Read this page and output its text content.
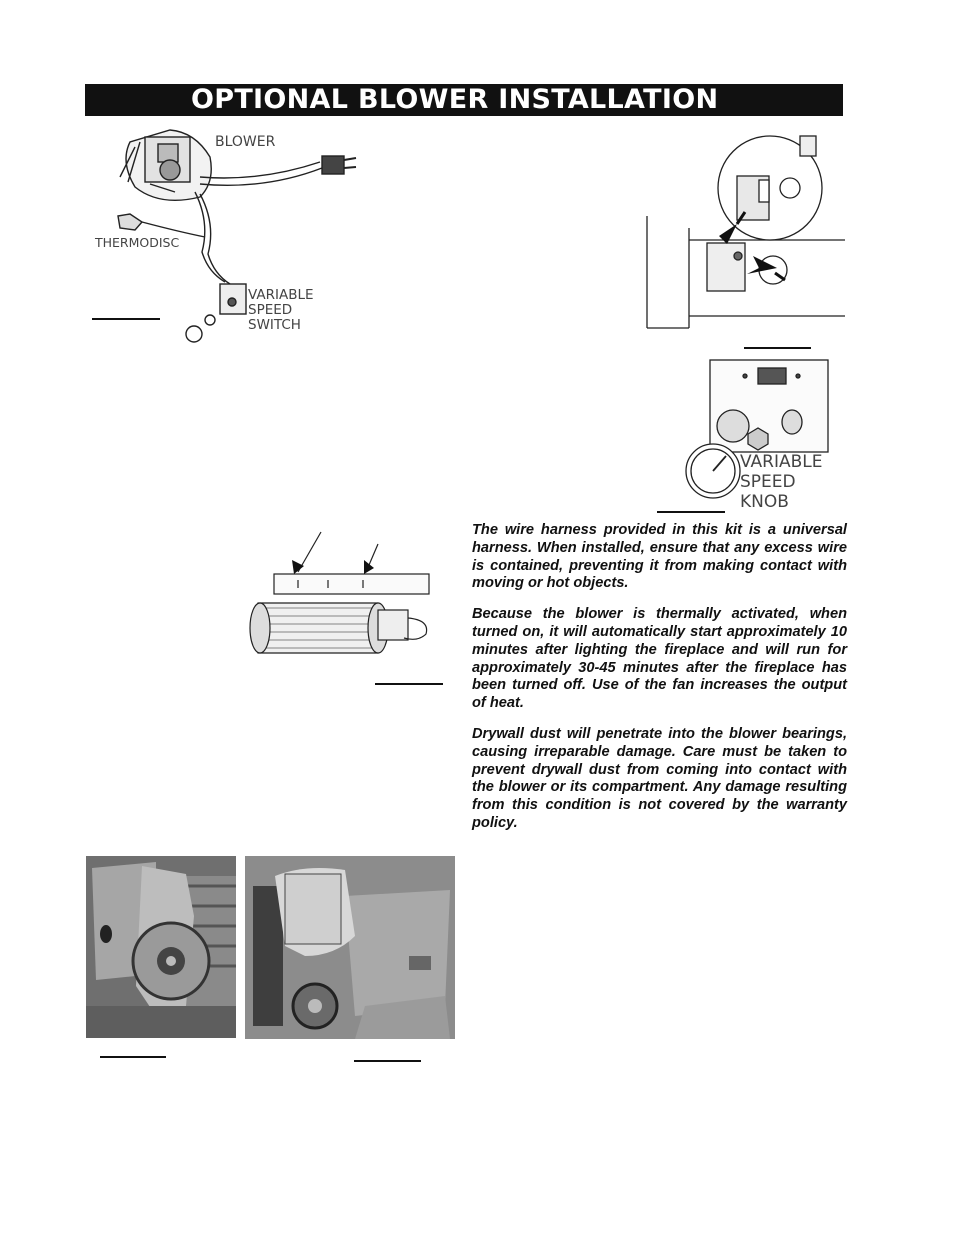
OPTIONAL BLOWER INSTALLATION
BLOWER
THERMODISC
VARIABLE
SPEED
SWITCH
VARIABLE
SPEED
KNOB

The wire harness provided in this kit is a universal harness. When installed, ensure that any excess wire is contained, preventing it from making contact with moving or hot objects.

Because the blower is thermally activated, when turned on, it will automatically start approximately 10 minutes after lighting the fireplace and will run for approximately 30-45 minutes after the fireplace has been turned off. Use of the fan increases the output of heat.

Drywall dust will penetrate into the blower bearings, causing irreparable damage. Care must be taken to prevent drywall dust from coming into contact with the blower or its compartment. Any damage resulting from this condition is not covered by the warranty policy.
